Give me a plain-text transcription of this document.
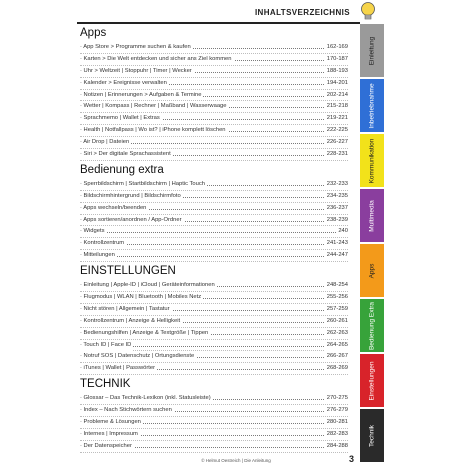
INHALTSVERZEICHNIS
Apps
· App Store > Programme suchen & kaufen	162-169
· Karten > Die Welt entdecken und sicher ans Ziel kommen	170-187
· Uhr > Weltzeit | Stoppuhr | Timer | Wecker	188-193
· Kalender > Ereignisse verwalten	194-201
· Notizen | Erinnerungen > Aufgaben & Termine	202-214
· Wetter | Kompass | Rechner | Maßband | Wasserwaage	215-218
· Sprachmemo | Wallet | Extras	219-221
· Health | Notfallpass | Wo ist? | iPhone komplett löschen	222-225
· Air Drop | Dateien	226-227
· Siri > Der digitale Sprachassistent	228-231
Bedienung extra
· Sperrbildschirm | Startbildschirm | Haptic Touch	232-233
· Bildschirmhintergrund | Bildschirmfoto	234-235
· Apps wechseln/beenden	236-237
· Apps sortieren/anordnen / App-Ordner	238-239
· Widgets	240
· Kontrollzentrum	241-243
· Mitteilungen	244-247
EINSTELLUNGEN
· Einleitung | Apple-ID | iCloud | Geräteinformationen	248-254
· Flugmodus | WLAN | Bluetooth | Mobiles Netz	255-256
· Nicht stören | Allgemein | Tastatur	257-259
· Kontrollzentrum | Anzeige & Helligkeit	260-261
· Bedienungshilfen | Anzeige & Textgröße | Tippen	262-263
· Touch ID | Face ID	264-265
· Notruf SOS | Datenschutz | Ortungsdienste	266-267
· iTunes | Wallet | Passwörter	268-269
TECHNIK
· Glossar – Das Technik-Lexikon (inkl. Statusleiste)	270-275
· Index – Nach Stichwörtern suchen	276-279
· Probleme & Lösungen	280-281
· Internes | Impressum	282-283
· Der Datenspeicher	284-288
Einleitung
Inbetriebnahme
Kommunikation
Multimedia
Apps
Bedienung Extra
Einstellungen
Technik
© Helmut Oestreich | Die Anleitung	3
